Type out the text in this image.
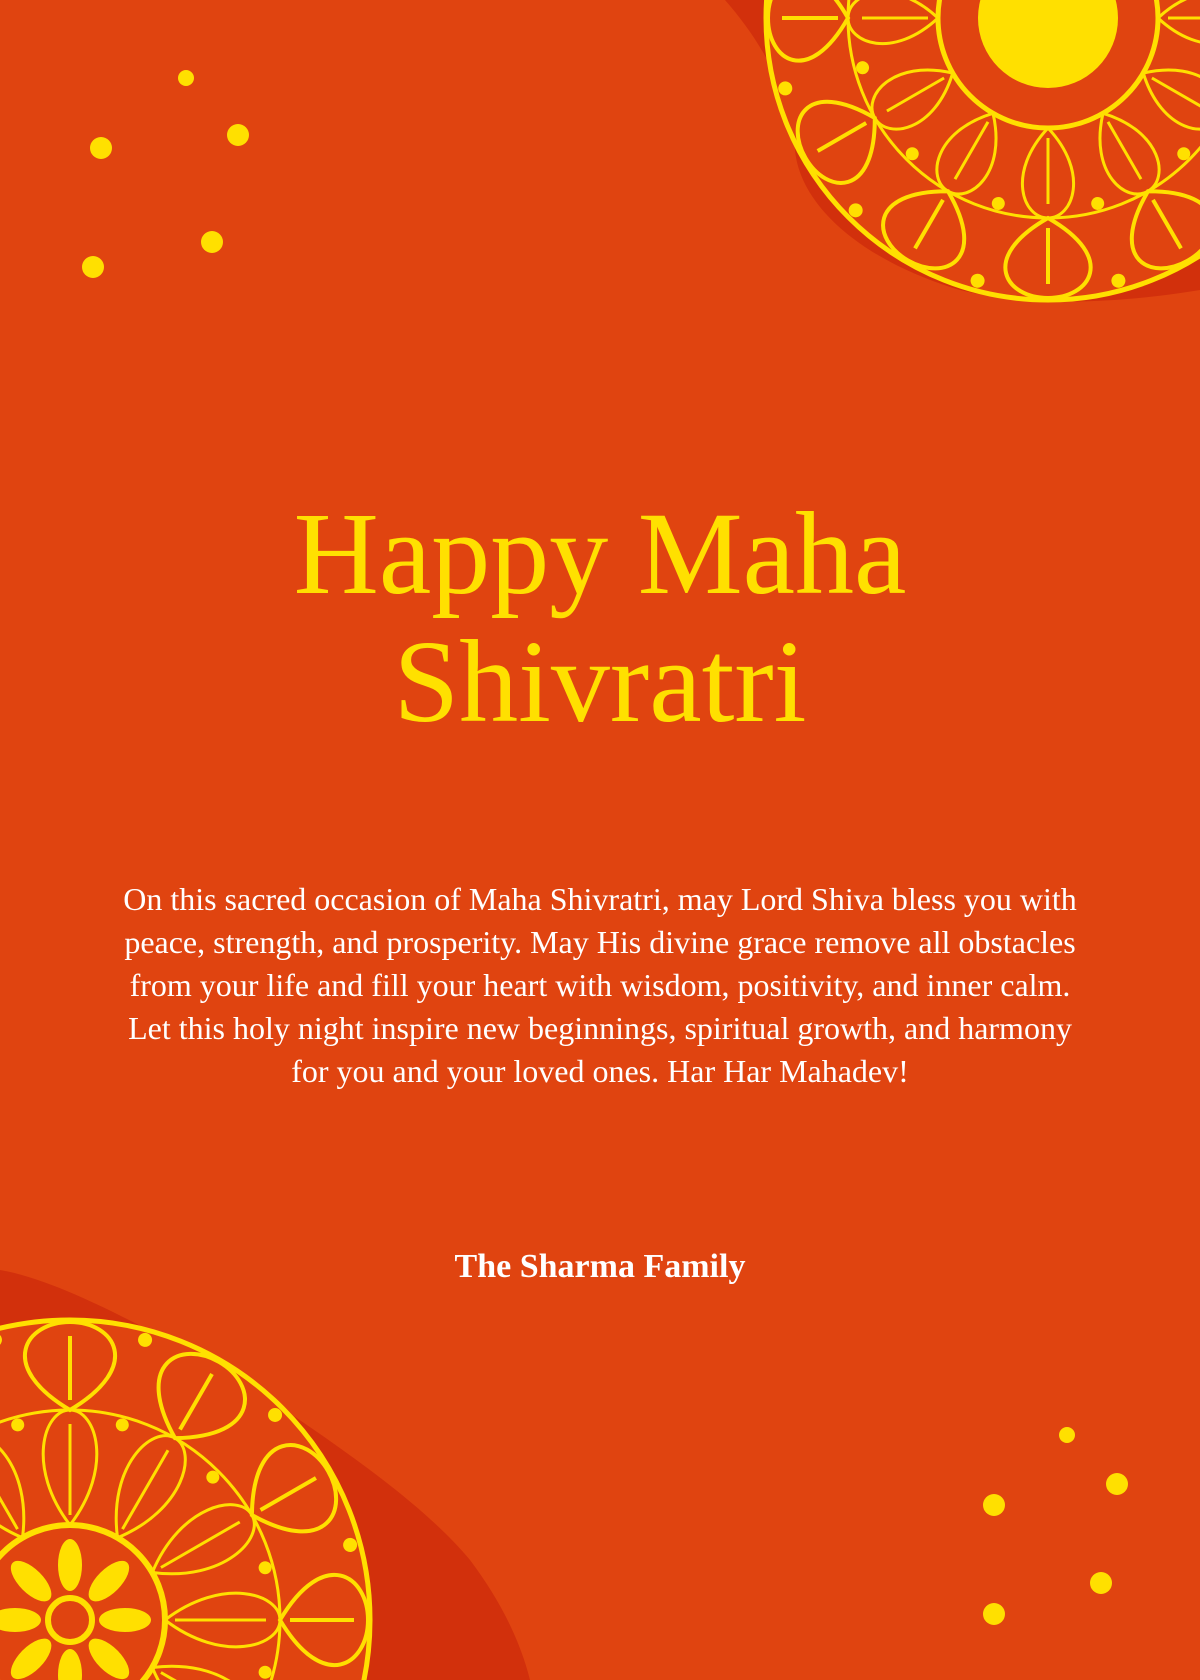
Happy Maha
Shivratri

On this sacred occasion of Maha Shivratri, may Lord Shiva bless you with peace, strength, and prosperity. May His divine grace remove all obstacles from your life and fill your heart with wisdom, positivity, and inner calm. Let this holy night inspire new beginnings, spiritual growth, and harmony for you and your loved ones. Har Har Mahadev!

The Sharma Family
